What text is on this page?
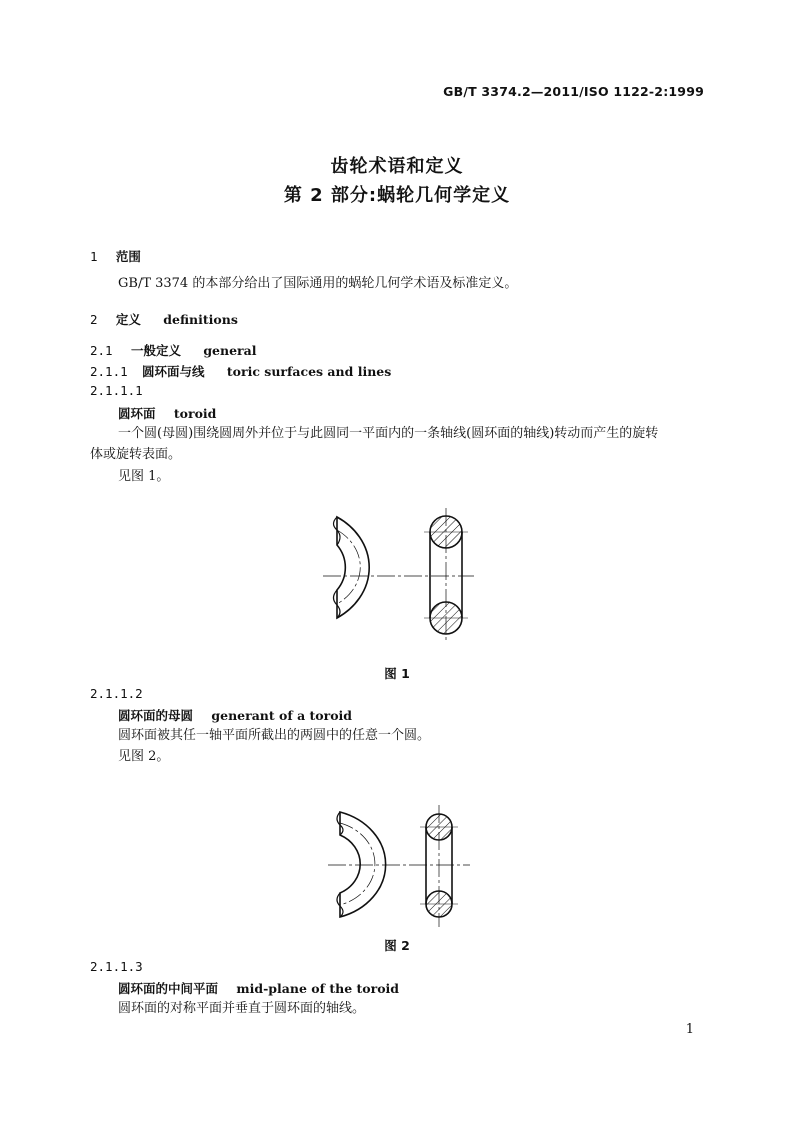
GB/T 3374.2—2011/ISO 1122-2:1999
齿轮术语和定义
第 2 部分:蜗轮几何学定义
1 范围
GB/T 3374 的本部分给出了国际通用的蜗轮几何学术语及标准定义。
2 定义 definitions
2.1 一般定义 general
2.1.1 圆环面与线 toric surfaces and lines
2.1.1.1
圆环面 toroid
一个圆(母圆)围绕圆周外并位于与此圆同一平面内的一条轴线(圆环面的轴线)转动而产生的旋转
体或旋转表面。
见图 1。
图 1
2.1.1.2
圆环面的母圆 generant of a toroid
圆环面被其任一轴平面所截出的两圆中的任意一个圆。
见图 2。
图 2
2.1.1.3
圆环面的中间平面 mid-plane of the toroid
圆环面的对称平面并垂直于圆环面的轴线。
1
